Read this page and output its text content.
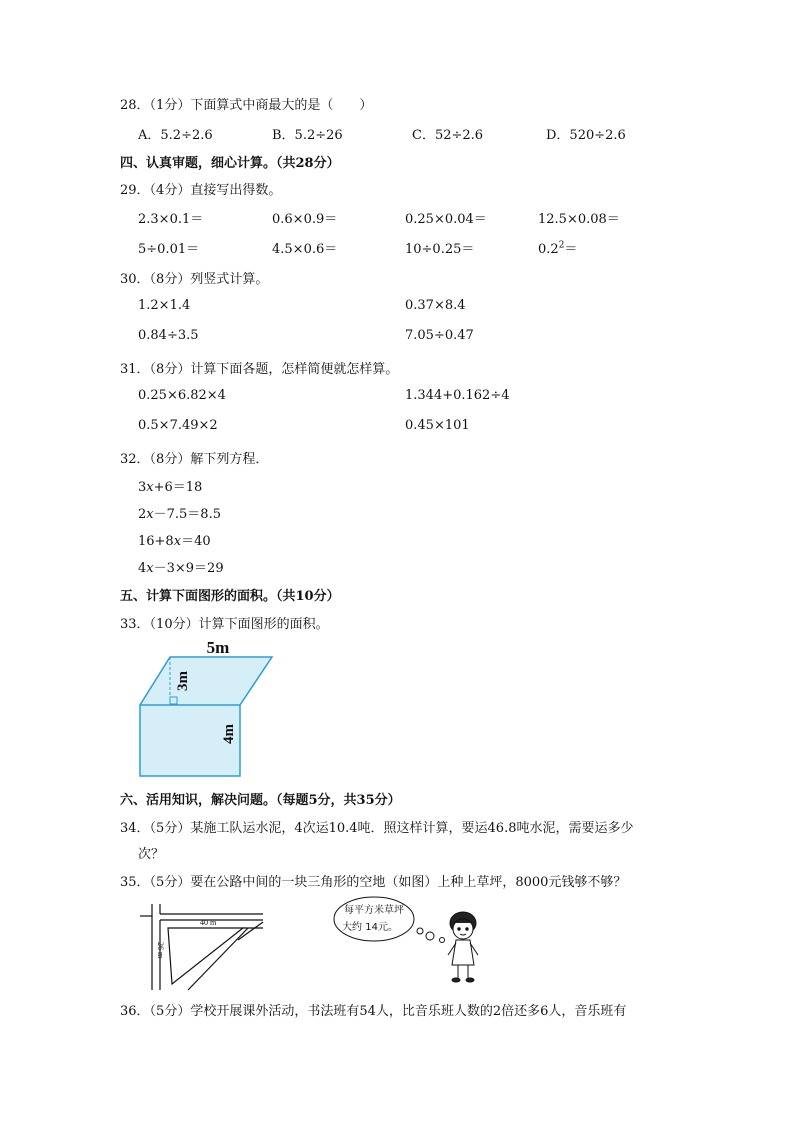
28．（1分）下面算式中商最大的是（　　）
A．5.2÷2.6	B．5.2÷26	C．52÷2.6	D．520÷2.6
四、认真审题，细心计算。（共28分）
29．（4分）直接写出得数。
2.3×0.1＝	0.6×0.9＝	0.25×0.04＝	12.5×0.08＝
5÷0.01＝	4.5×0.6＝	10÷0.25＝	$0.2^2=$
30．（8分）列竖式计算。
1.2×1.4	0.37×8.4
0.84÷3.5	7.05÷0.47
31．（8分）计算下面各题，怎样简便就怎样算。
0.25×6.82×4	1.344+0.162÷4
0.5×7.49×2	0.45×101
32．（8分）解下列方程．
3x+6＝18
2x－7.5＝8.5
16+8x＝40
4x－3×9＝29
五、计算下面图形的面积。（共10分）
33．（10分）计算下面图形的面积。
5m
3m
4m
六、活用知识，解决问题。（每题5分，共35分）
34．（5分）某施工队运水泥，4次运10.4吨．照这样计算，要运46.8吨水泥，需要运多少
次？
35．（5分）要在公路中间的一块三角形的空地（如图）上种上草坪，8000元钱够不够？
40 m
26 m
每平方米草坪
大约 14元。
36．（5分）学校开展课外活动，书法班有54人，比音乐班人数的2倍还多6人，音乐班有
